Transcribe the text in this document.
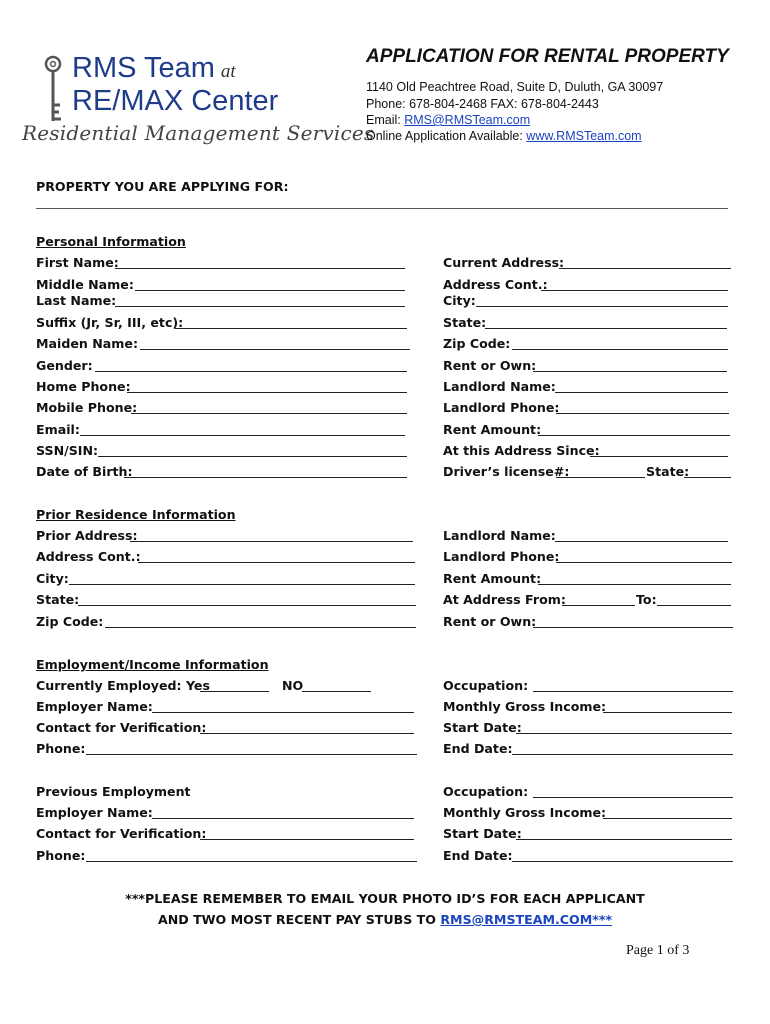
RMS Team at
RE/MAX Center
Residential Management Services
APPLICATION FOR RENTAL PROPERTY
1140 Old Peachtree Road, Suite D, Duluth, GA 30097
Phone: 678-804-2468 FAX: 678-804-2443
Email: RMS@RMSTeam.com
Online Application Available: www.RMSTeam.com
PROPERTY YOU ARE APPLYING FOR:
Personal Information
First Name:
Middle Name:
Last Name:
Suffix (Jr, Sr, III, etc):
Maiden Name:
Gender:
Home Phone:
Mobile Phone:
Email:
SSN/SIN:
Date of Birth:
Current Address:
Address Cont.:
City:
State:
Zip Code:
Rent or Own:
Landlord Name:
Landlord Phone:
Rent Amount:
At this Address Since:
Driver’s license#:	State:
Prior Residence Information
Prior Address:
Address Cont.:
City:
State:
Zip Code:
Landlord Name:
Landlord Phone:
Rent Amount:
At Address From:	To:
Rent or Own:
Employment/Income Information
Currently Employed: Yes	NO
Employer Name:
Contact for Verification:
Phone:
Occupation:
Monthly Gross Income:
Start Date:
End Date:
Previous Employment
Employer Name:
Contact for Verification:
Phone:
Occupation:
Monthly Gross Income:
Start Date:
End Date:
***PLEASE REMEMBER TO EMAIL YOUR PHOTO ID’S FOR EACH APPLICANT
AND TWO MOST RECENT PAY STUBS TO RMS@RMSTEAM.COM***
Page 1 of 3
